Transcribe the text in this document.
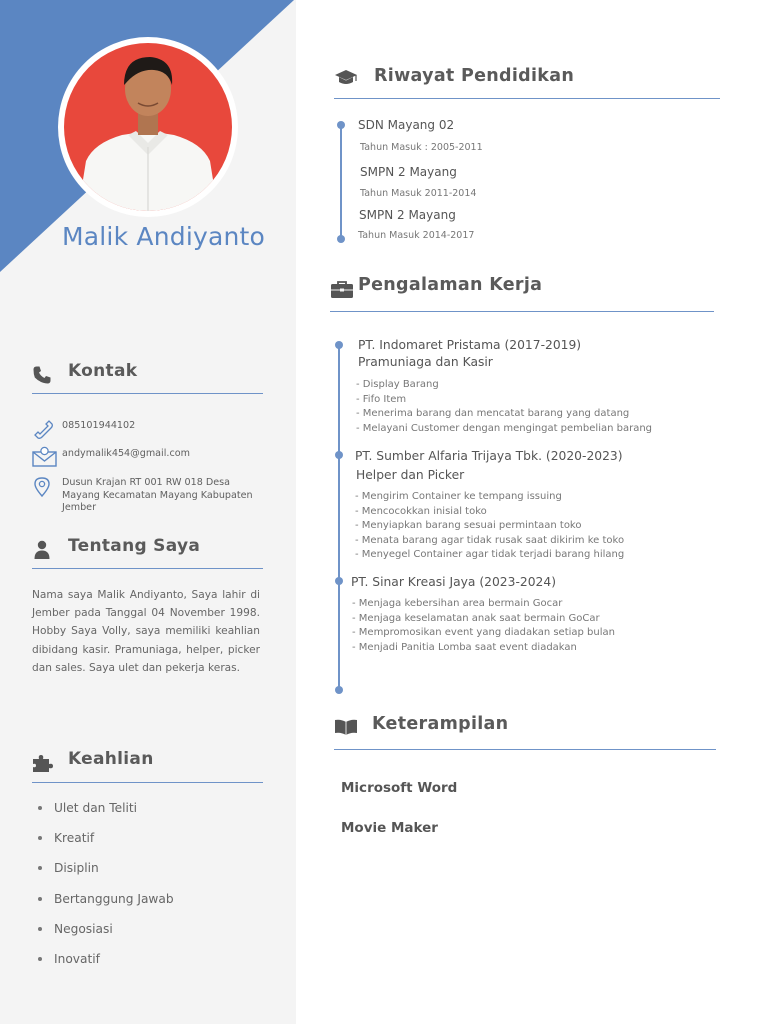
Malik Andiyanto
Kontak
085101944102
andymalik454@gmail.com
Dusun Krajan RT 001 RW 018 Desa Mayang Kecamatan Mayang Kabupaten Jember
Tentang Saya
Nama saya Malik Andiyanto, Saya lahir di Jember pada Tanggal 04 November 1998. Hobby Saya Volly, saya memiliki keahlian dibidang kasir. Pramuniaga, helper, picker dan sales. Saya ulet dan pekerja keras.
Keahlian
Ulet dan Teliti
Kreatif
Disiplin
Bertanggung Jawab
Negosiasi
Inovatif
Riwayat Pendidikan
SDN Mayang 02
Tahun Masuk : 2005-2011
SMPN 2 Mayang
Tahun Masuk 2011-2014
SMPN 2 Mayang
Tahun Masuk 2014-2017
Pengalaman Kerja
PT. Indomaret Pristama (2017-2019)
Pramuniaga dan Kasir
- Display Barang
- Fifo Item
- Menerima barang dan mencatat barang yang datang
- Melayani Customer dengan mengingat pembelian barang
PT. Sumber Alfaria Trijaya Tbk. (2020-2023)
Helper dan Picker
- Mengirim Container ke tempang issuing
- Mencocokkan inisial toko
- Menyiapkan barang sesuai permintaan toko
- Menata barang agar tidak rusak saat dikirim ke toko
- Menyegel Container agar tidak terjadi barang hilang
PT. Sinar Kreasi Jaya (2023-2024)
- Menjaga kebersihan area bermain Gocar
- Menjaga keselamatan anak saat bermain GoCar
- Mempromosikan event yang diadakan setiap bulan
- Menjadi Panitia Lomba saat event diadakan
Keterampilan
Microsoft Word
Movie Maker
